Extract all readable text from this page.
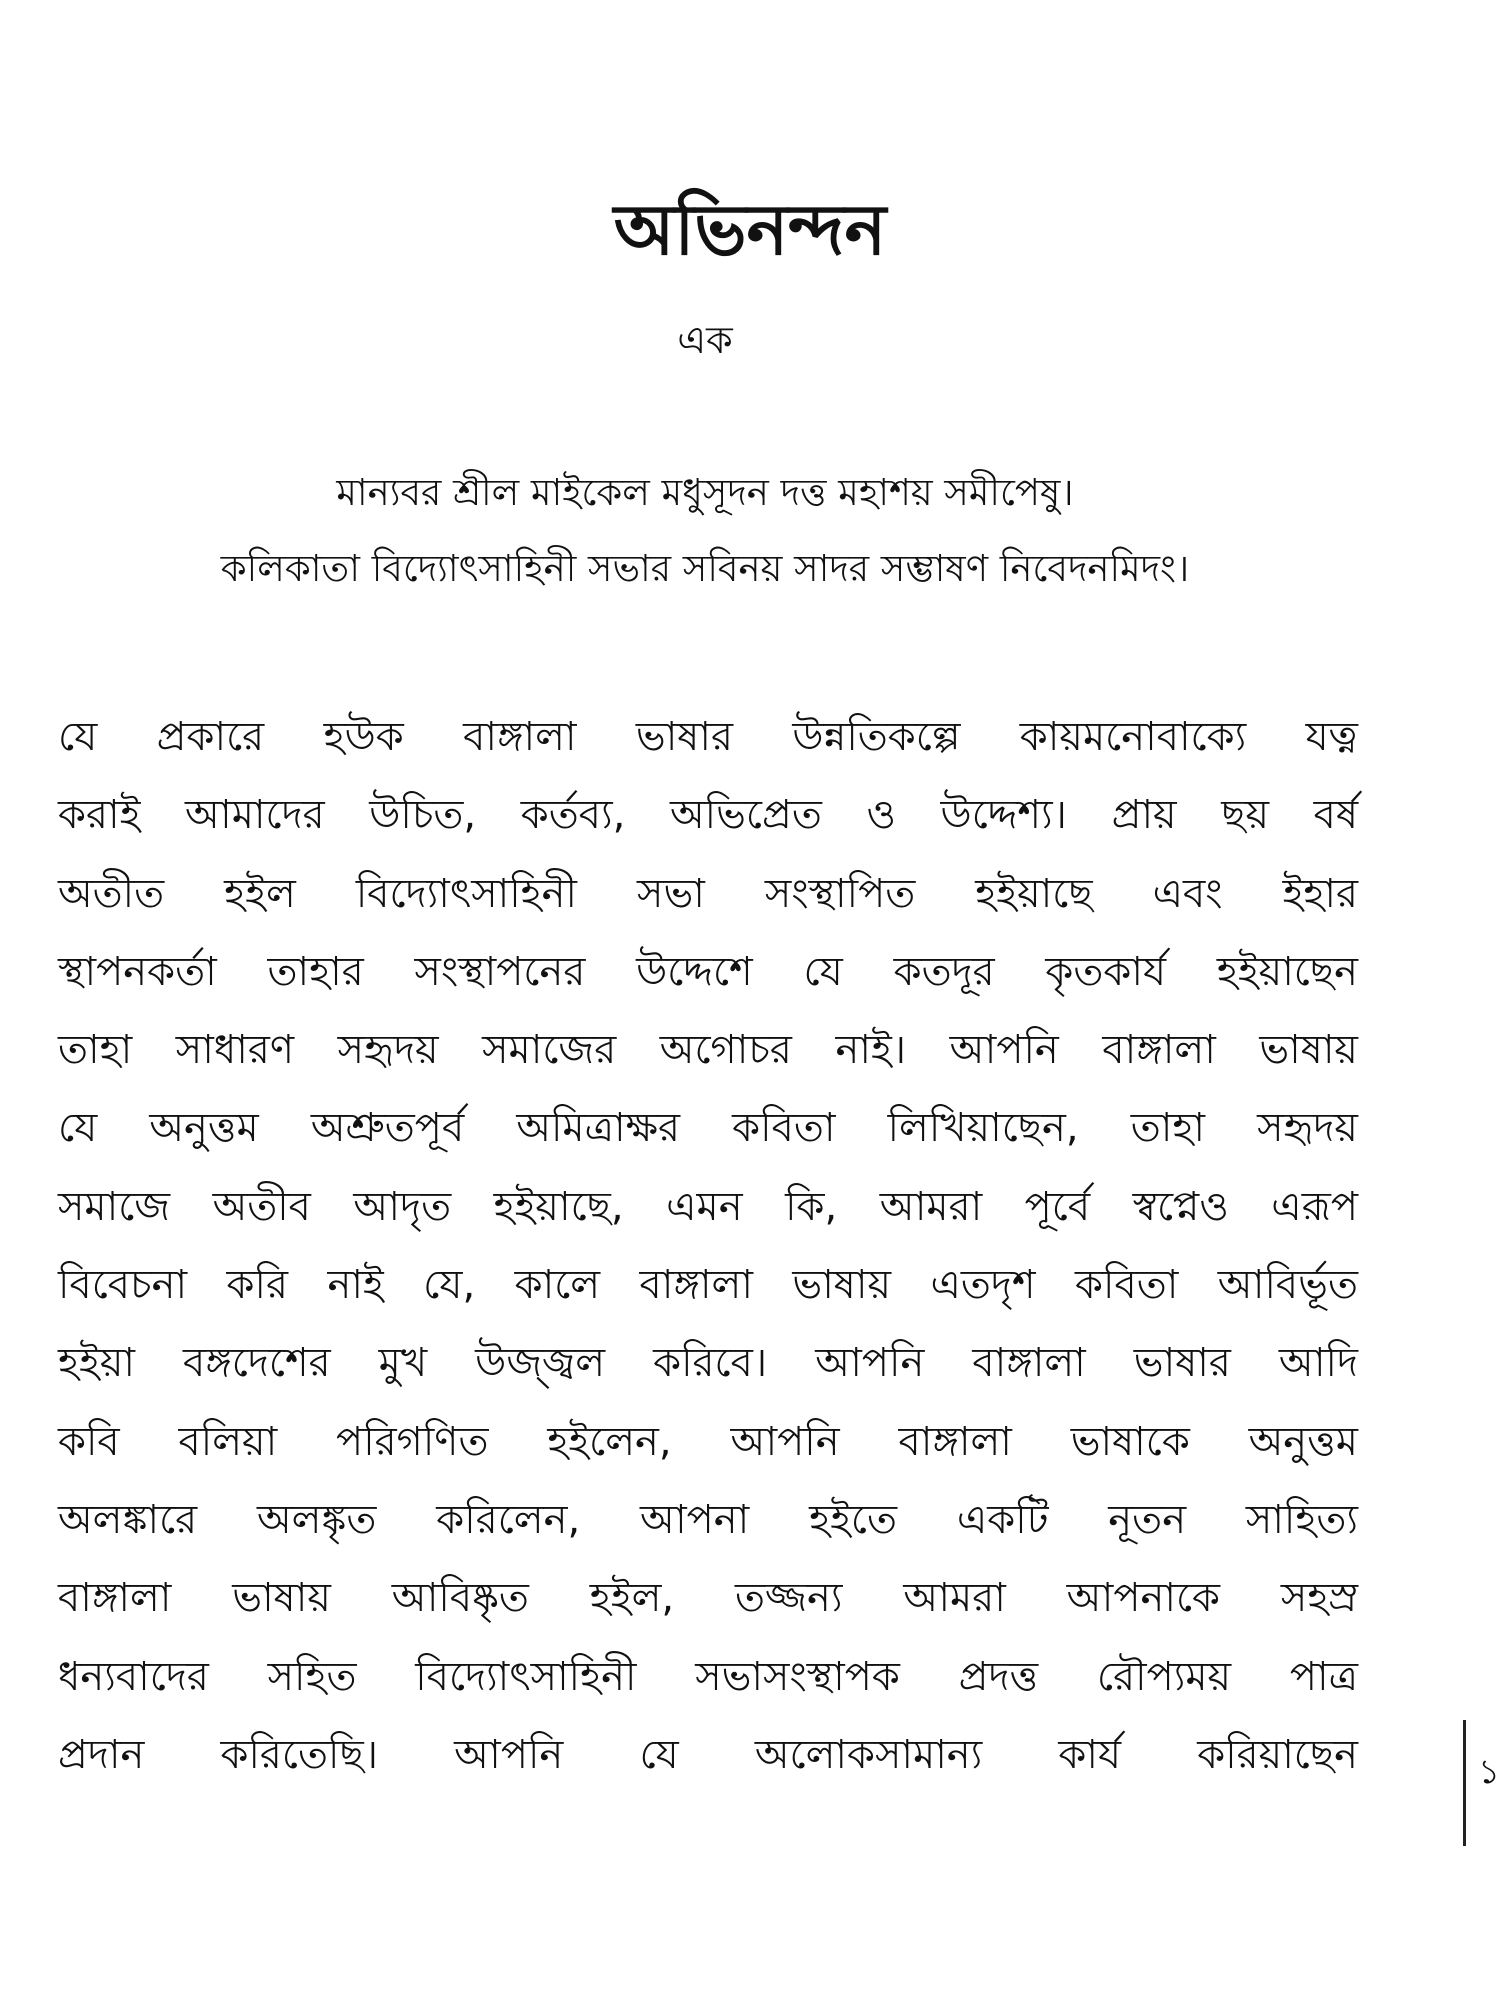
অভিনন্দন
এক
মান্যবর শ্রীল মাইকেল মধুসূদন দত্ত মহাশয় সমীপেষু।
কলিকাতা বিদ্যোৎসাহিনী সভার সবিনয় সাদর সম্ভাষণ নিবেদনমিদং।
যে প্রকারে হউক বাঙ্গালা ভাষার উন্নতিকল্পে কায়মনোবাক্যে যত্ন
করাই আমাদের উচিত, কর্তব্য, অভিপ্রেত ও উদ্দেশ্য। প্রায় ছয় বর্ষ
অতীত হইল বিদ্যোৎসাহিনী সভা সংস্থাপিত হইয়াছে এবং ইহার
স্থাপনকর্তা তাহার সংস্থাপনের উদ্দেশে যে কতদূর কৃতকার্য হইয়াছেন
তাহা সাধারণ সহৃদয় সমাজের অগোচর নাই। আপনি বাঙ্গালা ভাষায়
যে অনুত্তম অশ্রুতপূর্ব অমিত্রাক্ষর কবিতা লিখিয়াছেন, তাহা সহৃদয়
সমাজে অতীব আদৃত হইয়াছে, এমন কি, আমরা পূর্বে স্বপ্নেও এরূপ
বিবেচনা করি নাই যে, কালে বাঙ্গালা ভাষায় এতদৃশ কবিতা আবির্ভূত
হইয়া বঙ্গদেশের মুখ উজ্জ্বল করিবে। আপনি বাঙ্গালা ভাষার আদি
কবি বলিয়া পরিগণিত হইলেন, আপনি বাঙ্গালা ভাষাকে অনুত্তম
অলঙ্কারে অলঙ্কৃত করিলেন, আপনা হইতে একটি নূতন সাহিত্য
বাঙ্গালা ভাষায় আবিষ্কৃত হইল, তজ্জন্য আমরা আপনাকে সহস্র
ধন্যবাদের সহিত বিদ্যোৎসাহিনী সভাসংস্থাপক প্রদত্ত রৌপ্যময় পাত্র
প্রদান করিতেছি। আপনি যে অলোকসামান্য কার্য করিয়াছেন	১
